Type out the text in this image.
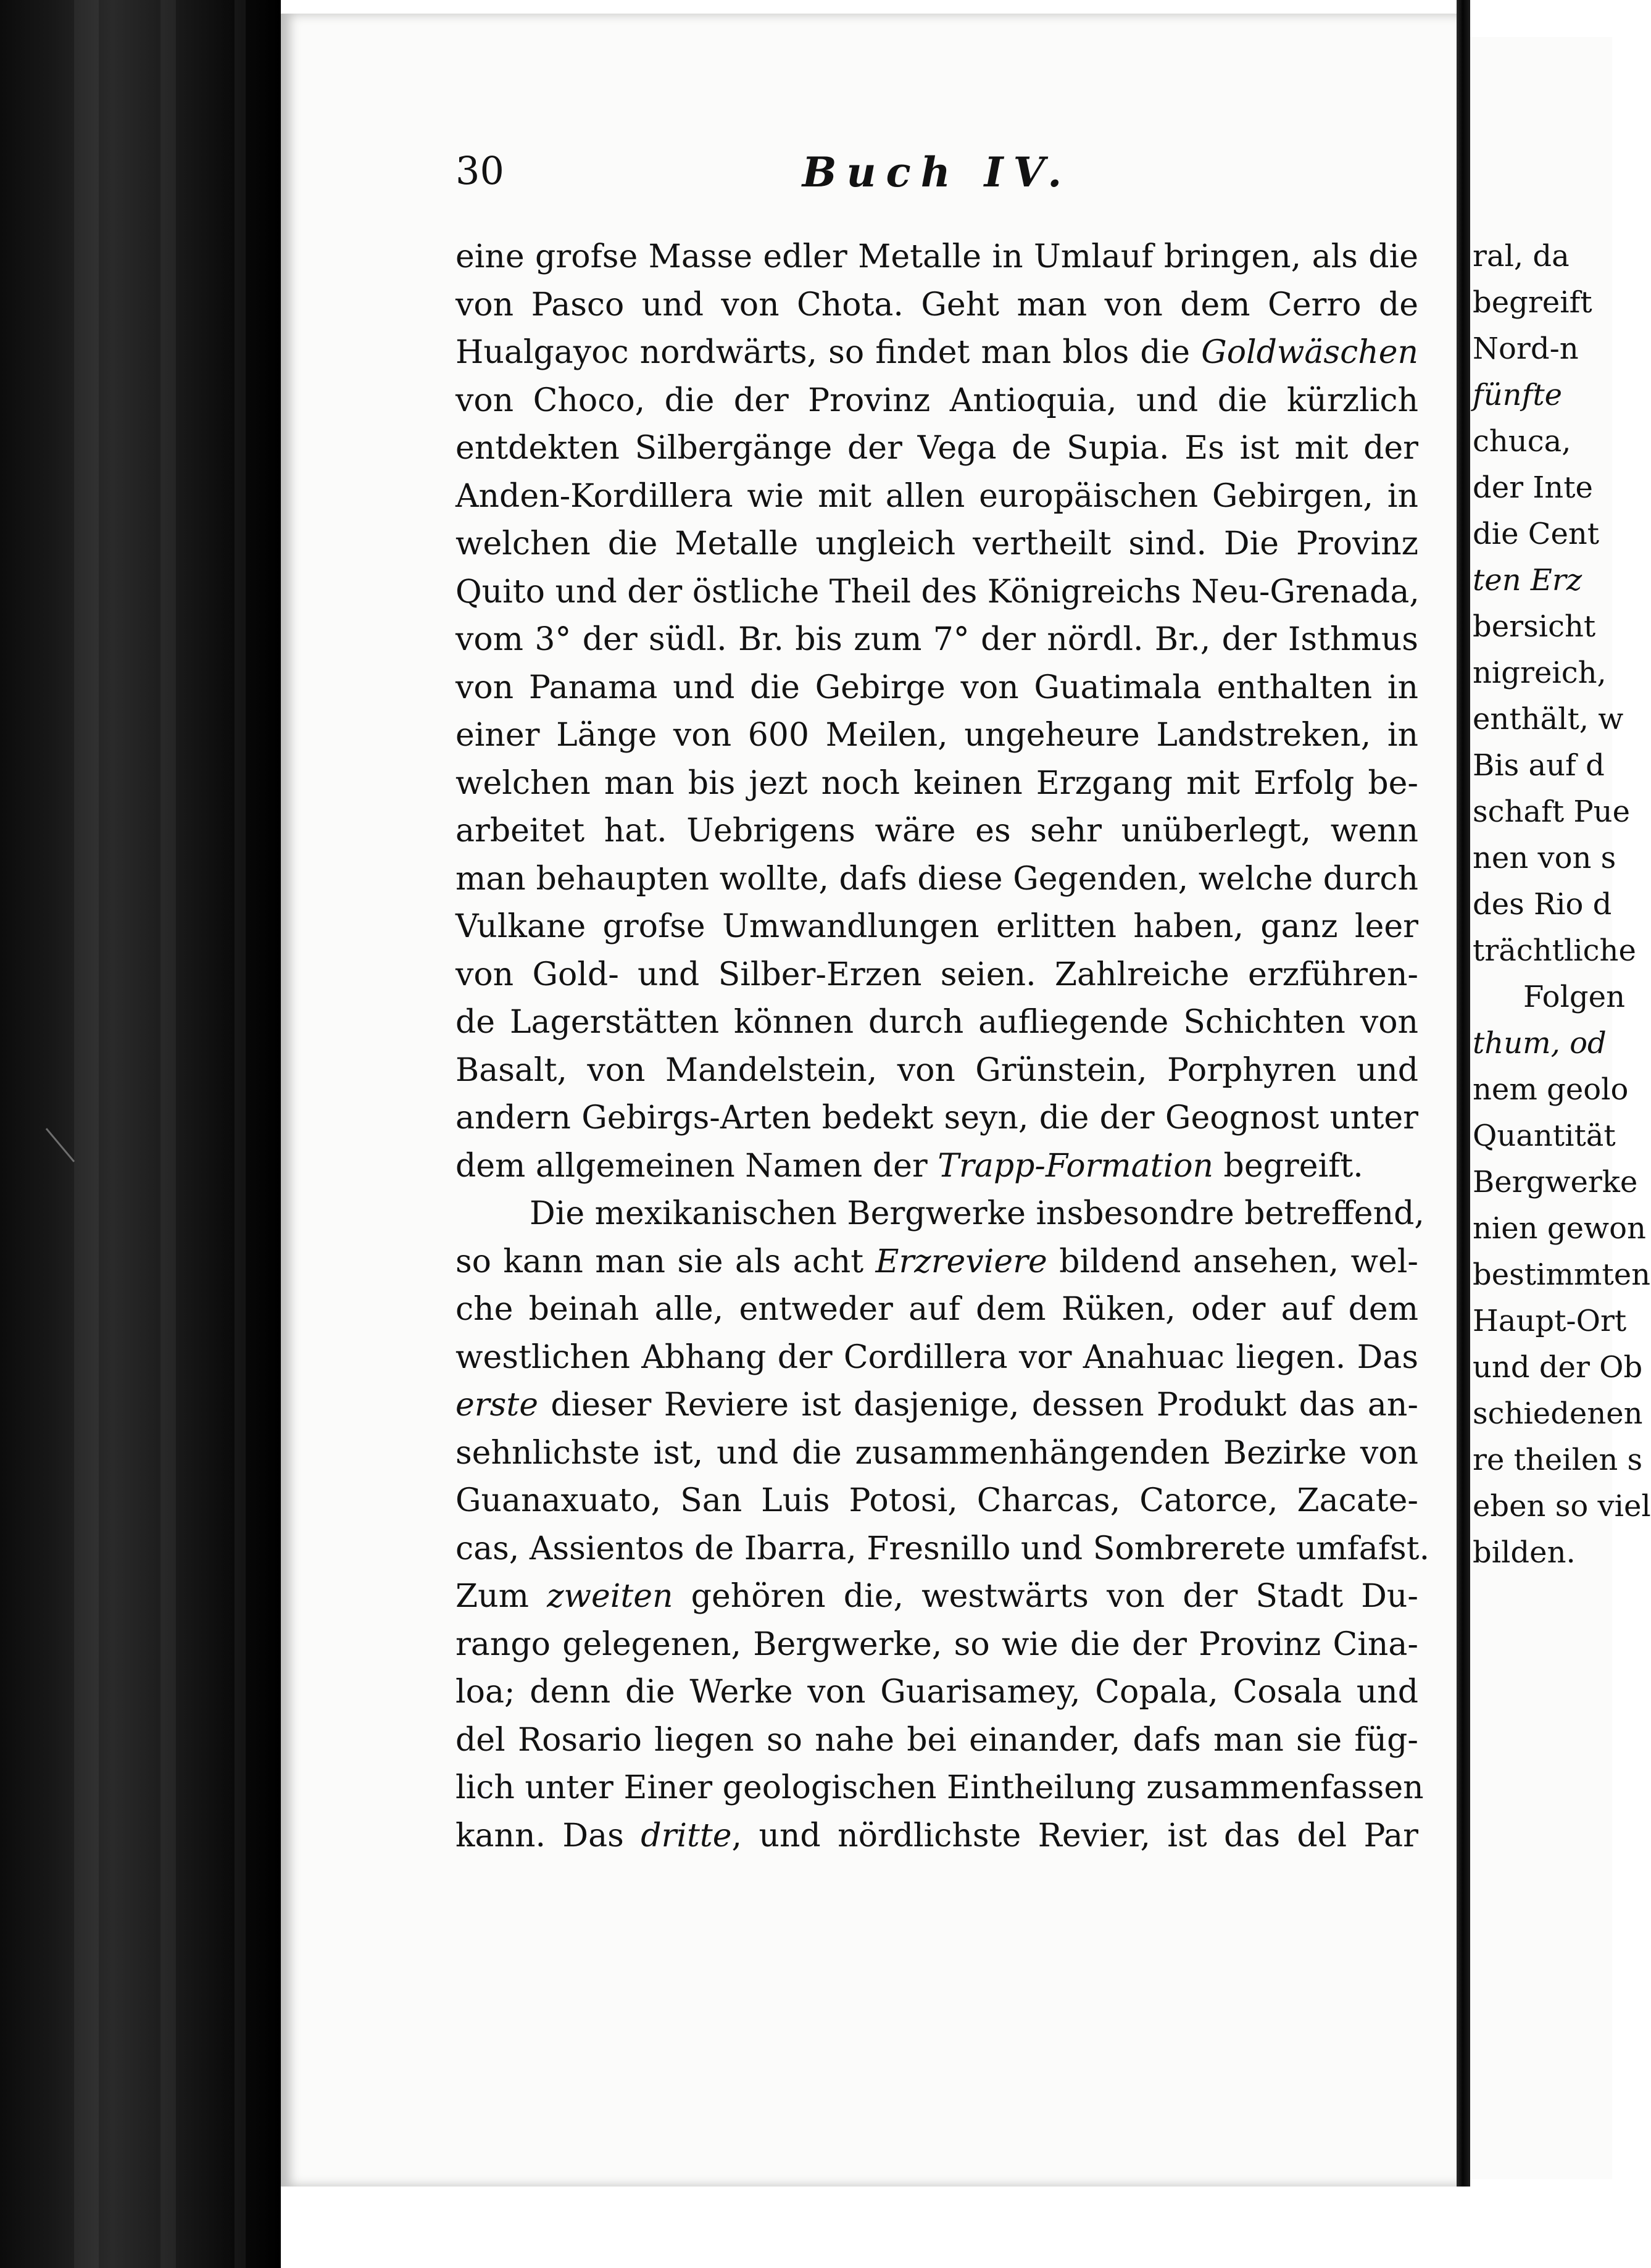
30	Buch IV.
eine grofse Masse edler Metalle in Umlauf bringen, als die
von Pasco und von Chota. Geht man von dem Cerro de
Hualgayoc nordwärts, so findet man blos die Goldwäschen
von Choco, die der Provinz Antioquia, und die kürzlich
entdekten Silbergänge der Vega de Supia. Es ist mit der
Anden-Kordillera wie mit allen europäischen Gebirgen, in
welchen die Metalle ungleich vertheilt sind. Die Provinz
Quito und der östliche Theil des Königreichs Neu-Grenada,
vom 3° der südl. Br. bis zum 7° der nördl. Br., der Isthmus
von Panama und die Gebirge von Guatimala enthalten in
einer Länge von 600 Meilen, ungeheure Landstreken, in
welchen man bis jezt noch keinen Erzgang mit Erfolg be-
arbeitet hat. Uebrigens wäre es sehr unüberlegt, wenn
man behaupten wollte, dafs diese Gegenden, welche durch
Vulkane grofse Umwandlungen erlitten haben, ganz leer
von Gold- und Silber-Erzen seien. Zahlreiche erzführen-
de Lagerstätten können durch aufliegende Schichten von
Basalt, von Mandelstein, von Grünstein, Porphyren und
andern Gebirgs-Arten bedekt seyn, die der Geognost unter
dem allgemeinen Namen der Trapp-Formation begreift.
Die mexikanischen Bergwerke insbesondre betreffend,
so kann man sie als acht Erzreviere bildend ansehen, wel-
che beinah alle, entweder auf dem Rüken, oder auf dem
westlichen Abhang der Cordillera vor Anahuac liegen. Das
erste dieser Reviere ist dasjenige, dessen Produkt das an-
sehnlichste ist, und die zusammenhängenden Bezirke von
Guanaxuato, San Luis Potosi, Charcas, Catorce, Zacate-
cas, Assientos de Ibarra, Fresnillo und Sombrerete umfafst.
Zum zweiten gehören die, westwärts von der Stadt Du-
rango gelegenen, Bergwerke, so wie die der Provinz Cina-
loa; denn die Werke von Guarisamey, Copala, Cosala und
del Rosario liegen so nahe bei einander, dafs man sie füg-
lich unter Einer geologischen Eintheilung zusammenfassen
kann. Das dritte, und nördlichste Revier, ist das del Par
ral, da
begreift
Nord-n
fünfte
chuca,
der Inte
die Cent
ten Erz
bersicht
nigreich,
enthält, w
Bis auf d
schaft Pue
nen von s
des Rio d
trächtliche
Folgen
thum, od
nem geolo
Quantität
Bergwerke
nien gewon
bestimmten
Haupt-Ort
und der Ob
schiedenen
re theilen s
eben so viel
bilden.
